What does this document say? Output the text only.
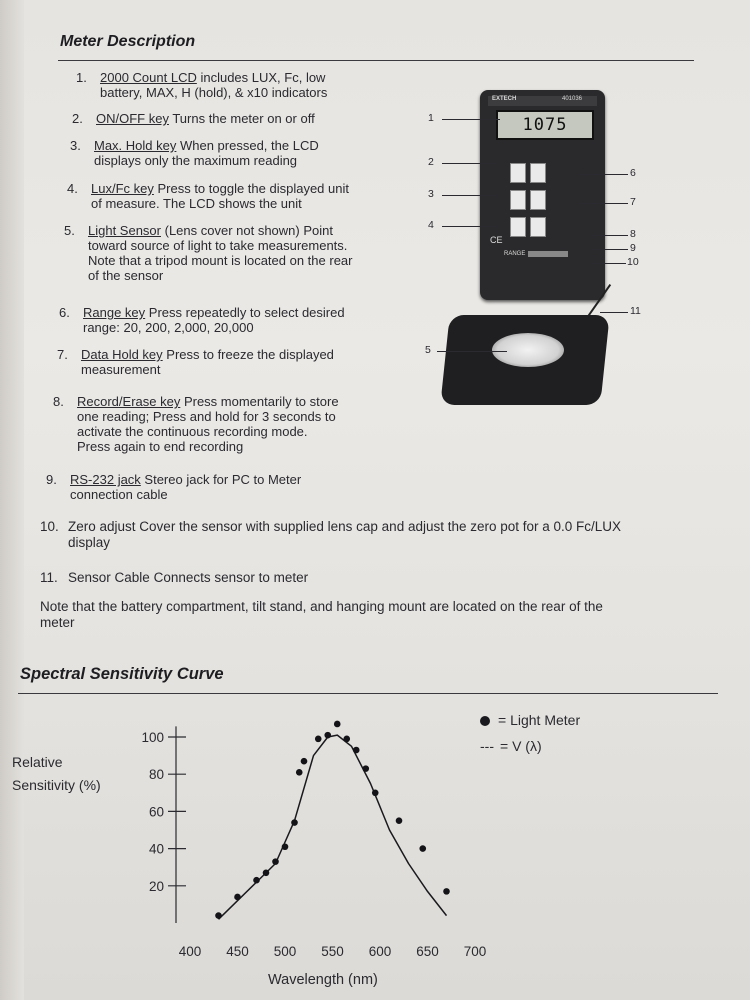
Meter Description
1. 2000 Count LCD includes LUX, Fc, low
battery, MAX, H (hold), & x10 indicators
2. ON/OFF key Turns the meter on or off
3. Max. Hold key When pressed, the LCD
displays only the maximum reading
4. Lux/Fc key Press to toggle the displayed unit
of measure. The LCD shows the unit
5. Light Sensor (Lens cover not shown) Point
toward source of light to take measurements.
Note that a tripod mount is located on the rear
of the sensor
6. Range key Press repeatedly to select desired
range: 20, 200, 2,000, 20,000
7. Data Hold key Press to freeze the displayed
measurement
8. Record/Erase key Press momentarily to store
one reading; Press and hold for 3 seconds to
activate the continuous recording mode.
Press again to end recording
9. RS-232 jack Stereo jack for PC to Meter
connection cable
10. Zero adjust Cover the sensor with supplied lens cap and adjust the zero pot for a 0.0 Fc/LUX
display
11. Sensor Cable Connects sensor to meter
Note that the battery compartment, tilt stand, and hanging mount are located on the rear of the
meter
EXTECH	401036
1075
CE
RANGE
1
2
3
4
5
6
7
8
9
10
11
Spectral Sensitivity Curve
Relative
Sensitivity (%)
Wavelength (nm)
= Light Meter
--- = V (λ)
20
40
60
80
100
400 450 500 550 600 650 700
